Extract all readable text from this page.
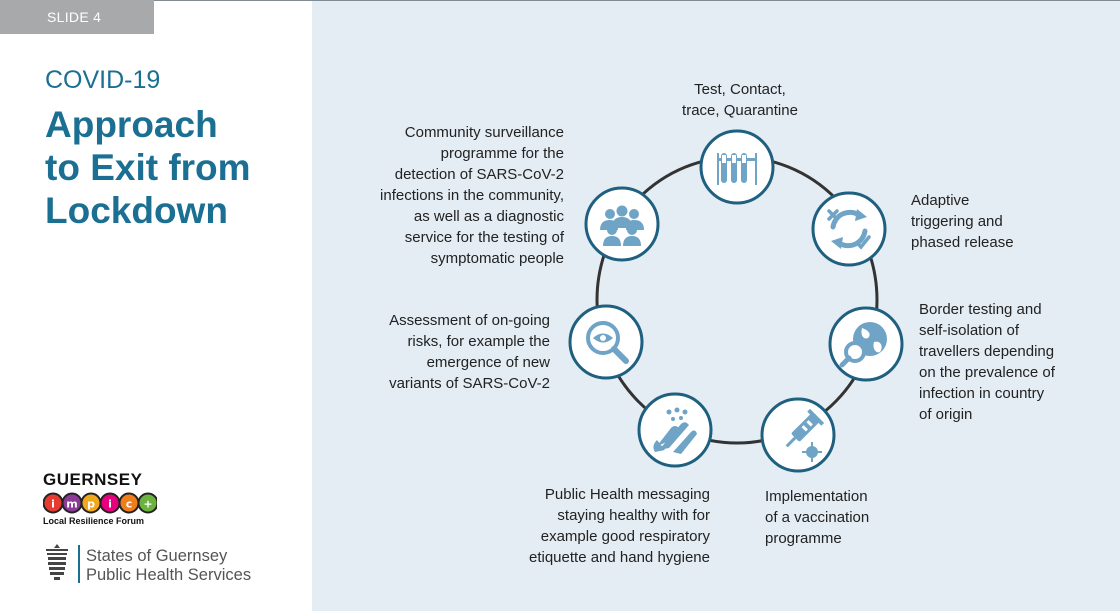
SLIDE 4
COVID-19
Approach
to Exit from
Lockdown
GUERNSEY
i m p i c +
Local Resilience Forum
States of Guernsey
Public Health Services
Test, Contact,
trace, Quarantine
Adaptive
triggering and
phased release
Border testing and
self-isolation of
travellers depending
on the prevalence of
infection in country
of origin
Implementation
of a vaccination
programme
Public Health messaging
staying healthy with for
example good respiratory
etiquette and hand hygiene
Assessment of on-going
risks, for example the
emergence of new
variants of SARS-CoV-2
Community surveillance
programme for the
detection of SARS-CoV-2
infections in the community,
as well as a diagnostic
service for the testing of
symptomatic people
